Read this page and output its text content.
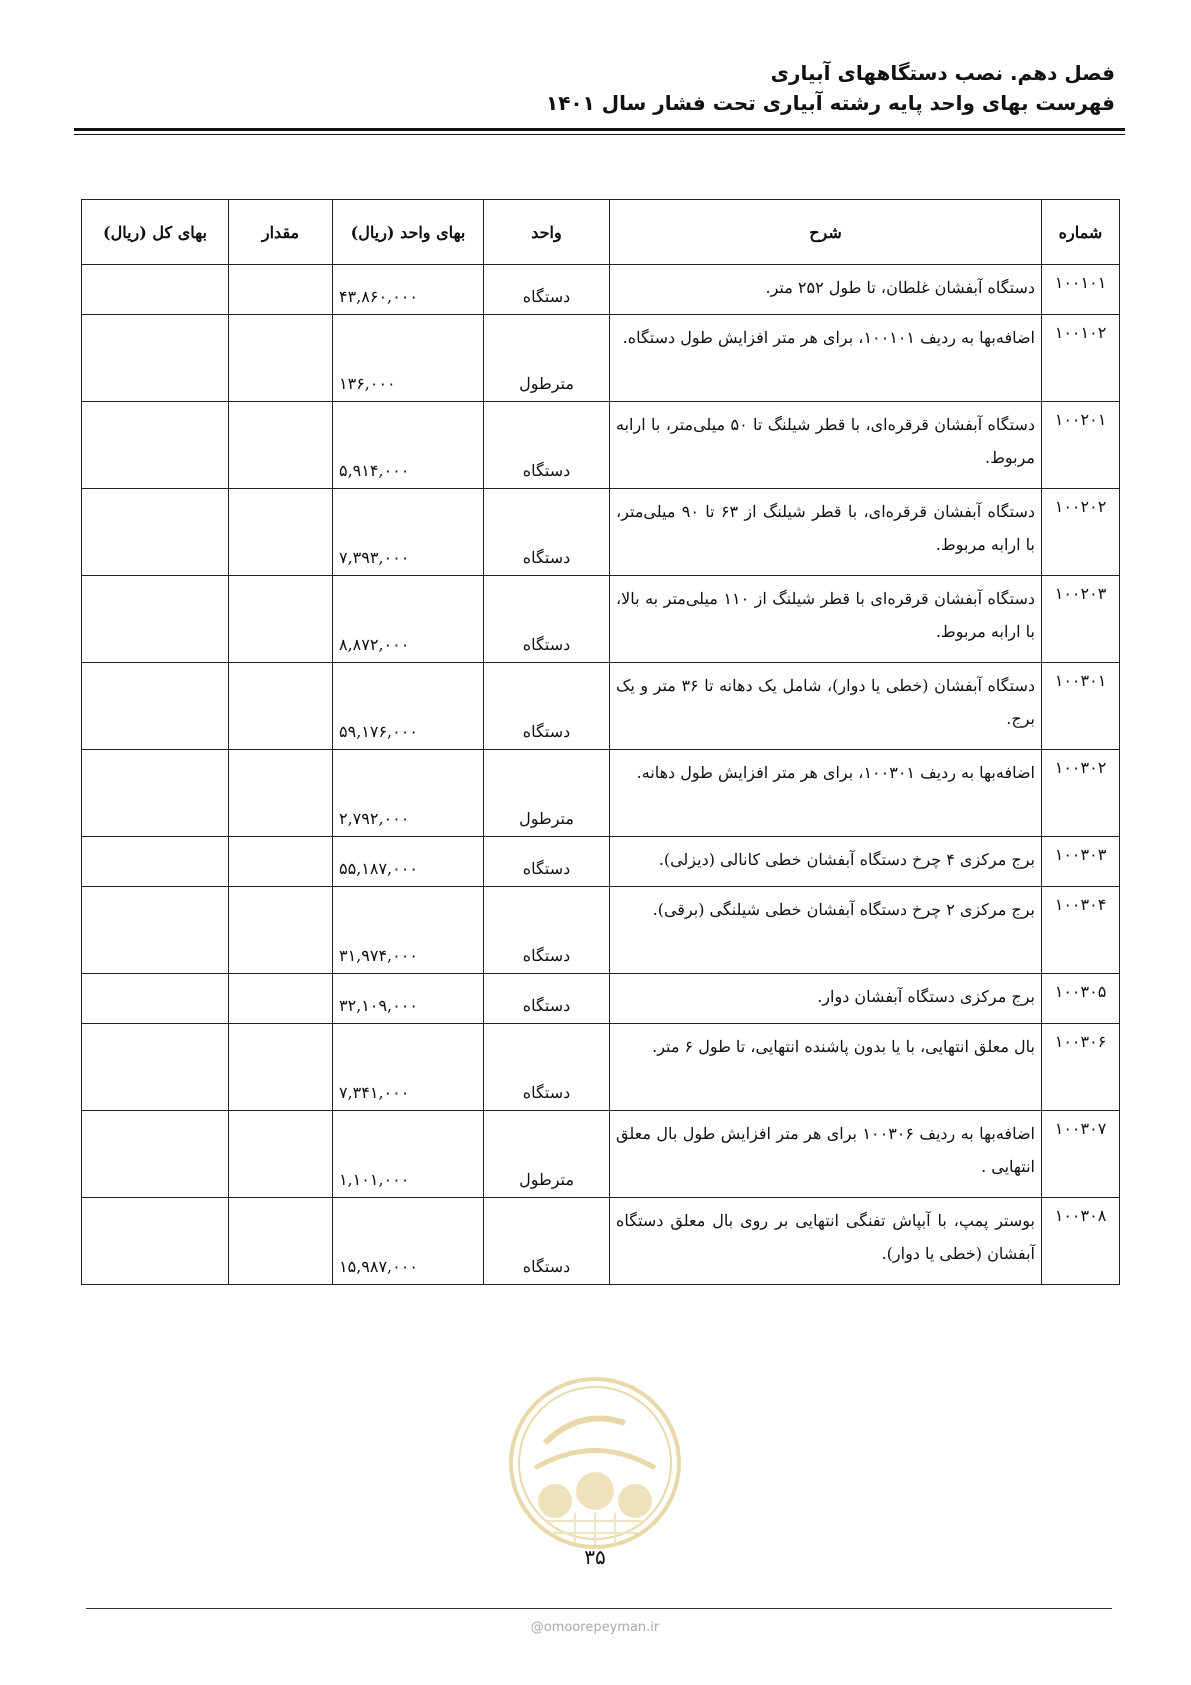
فصل دهم. نصب دستگاههای آبیاری
فهرست بهای واحد پایه رشته آبیاری تحت فشار سال ۱۴۰۱
شماره	شرح	واحد	بهای واحد (ریال)	مقدار	بهای کل (ریال)
۱۰۰۱۰۱	دستگاه آبفشان غلطان، تا طول ۲۵۲ متر.	دستگاه	۴۳,۸۶۰,۰۰۰		
۱۰۰۱۰۲	اضافه‌بها به ردیف ۱۰۰۱۰۱، برای هر متر افزایش طول دستگاه.	مترطول	۱۳۶,۰۰۰		
۱۰۰۲۰۱	دستگاه آبفشان قرقره‌ای، با قطر شیلنگ تا ۵۰ میلی‌متر، با ارابه مربوط.	دستگاه	۵,۹۱۴,۰۰۰		
۱۰۰۲۰۲	دستگاه آبفشان قرقره‌ای، با قطر شیلنگ از ۶۳ تا ۹۰ میلی‌متر، با ارابه مربوط.	دستگاه	۷,۳۹۳,۰۰۰		
۱۰۰۲۰۳	دستگاه آبفشان قرقره‌ای با قطر شیلنگ از ۱۱۰ میلی‌متر به بالا، با ارابه مربوط.	دستگاه	۸,۸۷۲,۰۰۰		
۱۰۰۳۰۱	دستگاه آبفشان (خطی یا دوار)، شامل یک دهانه تا ۳۶ متر و یک برج.	دستگاه	۵۹,۱۷۶,۰۰۰		
۱۰۰۳۰۲	اضافه‌بها به ردیف ۱۰۰۳۰۱، برای هر متر افزایش طول دهانه.	مترطول	۲,۷۹۲,۰۰۰		
۱۰۰۳۰۳	برج مرکزی ۴ چرخ دستگاه آبفشان خطی کانالی (دیزلی).	دستگاه	۵۵,۱۸۷,۰۰۰		
۱۰۰۳۰۴	برج مرکزی ۲ چرخ دستگاه آبفشان خطی شیلنگی (برقی).	دستگاه	۳۱,۹۷۴,۰۰۰		
۱۰۰۳۰۵	برج مرکزی دستگاه آبفشان دوار.	دستگاه	۳۲,۱۰۹,۰۰۰		
۱۰۰۳۰۶	بال معلق انتهایی، با یا بدون پاشنده انتهایی، تا طول ۶ متر.	دستگاه	۷,۳۴۱,۰۰۰		
۱۰۰۳۰۷	اضافه‌بها به ردیف ۱۰۰۳۰۶ برای هر متر افزایش طول بال معلق انتهایی .	مترطول	۱,۱۰۱,۰۰۰		
۱۰۰۳۰۸	بوستر پمپ، با آبپاش تفنگی انتهایی بر روی بال معلق دستگاه آبفشان (خطی یا دوار).	دستگاه	۱۵,۹۸۷,۰۰۰		
۳۵
@omoorepeyman.ir
